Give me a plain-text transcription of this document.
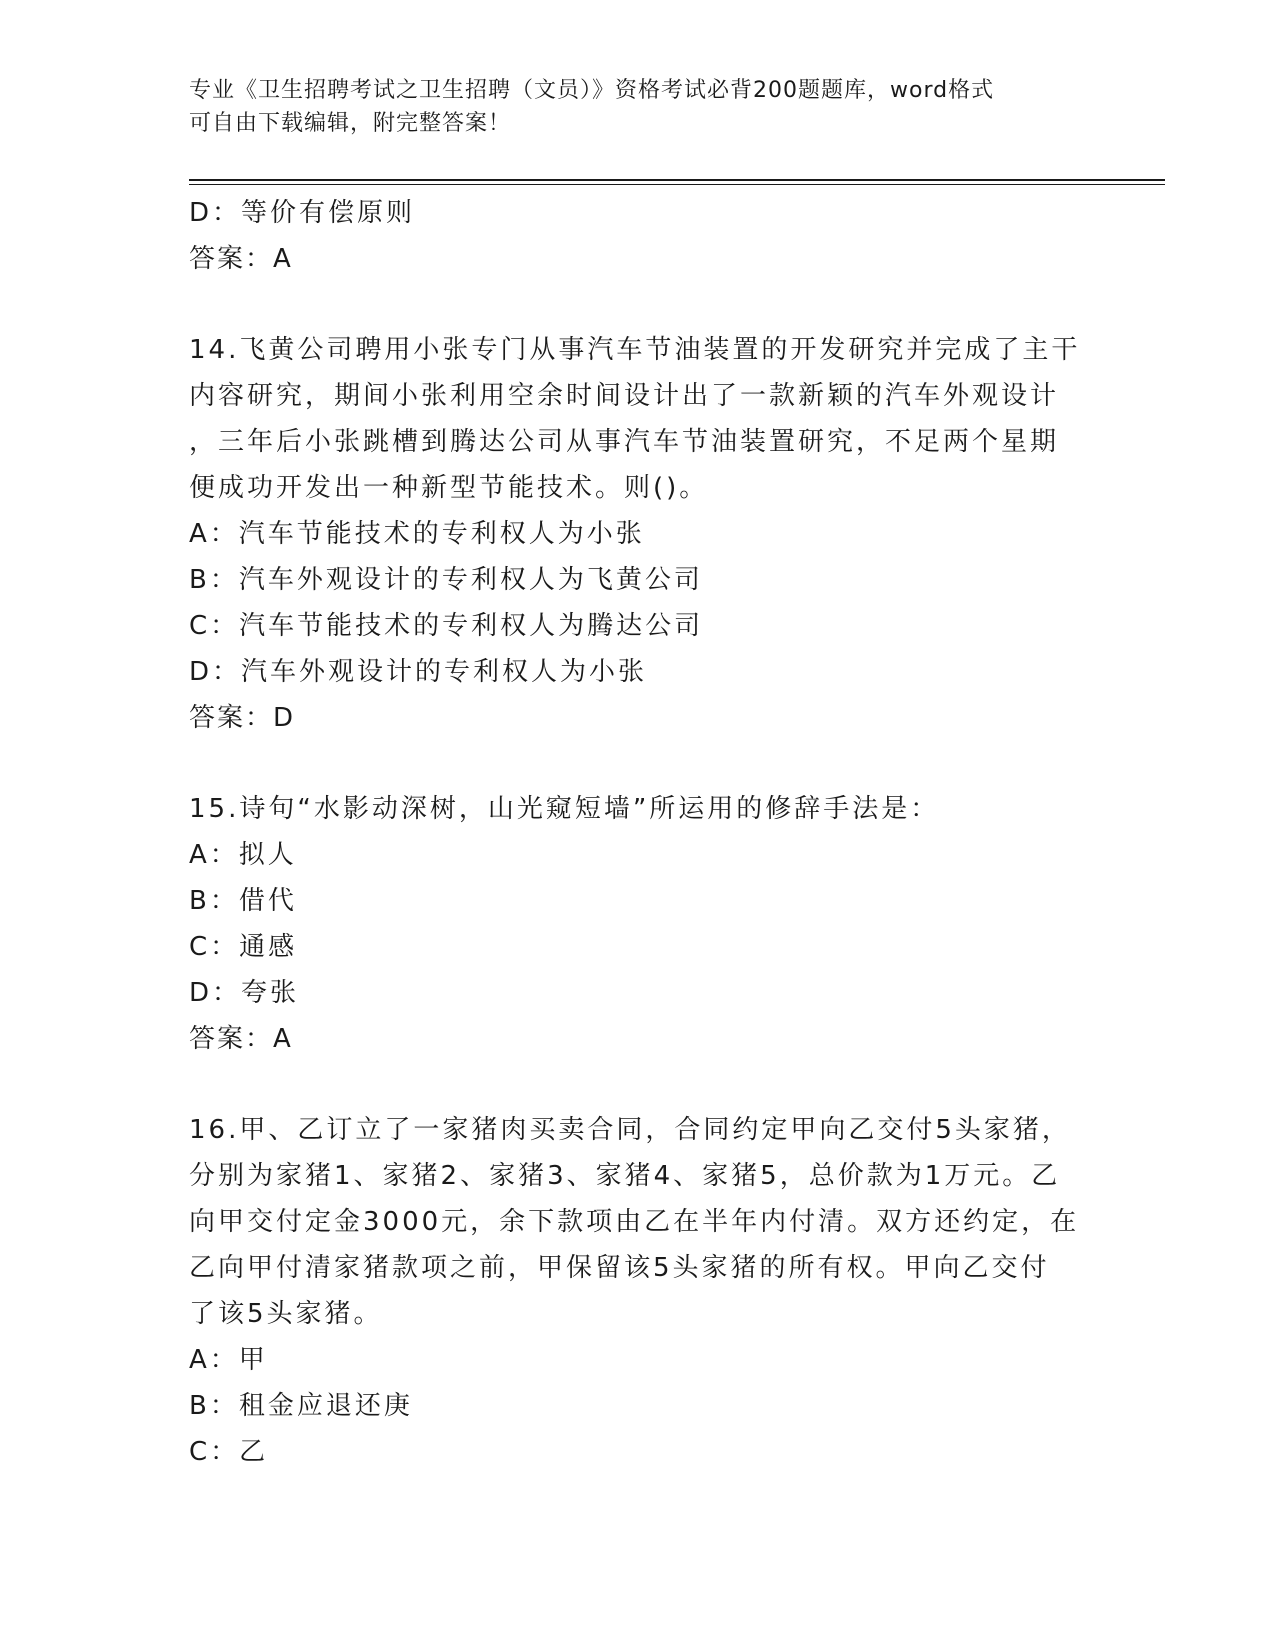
专业《卫生招聘考试之卫生招聘（文员）》资格考试必背200题题库，word格式
可自由下载编辑，附完整答案！
D：等价有偿原则
答案：A
14.飞黄公司聘用小张专门从事汽车节油装置的开发研究并完成了主干
内容研究，期间小张利用空余时间设计出了一款新颖的汽车外观设计
，三年后小张跳槽到腾达公司从事汽车节油装置研究，不足两个星期
便成功开发出一种新型节能技术。则()。
A：汽车节能技术的专利权人为小张
B：汽车外观设计的专利权人为飞黄公司
C：汽车节能技术的专利权人为腾达公司
D：汽车外观设计的专利权人为小张
答案：D
15.诗句“水影动深树，山光窥短墙”所运用的修辞手法是：
A：拟人
B：借代
C：通感
D：夸张
答案：A
16.甲、乙订立了一家猪肉买卖合同，合同约定甲向乙交付5头家猪，
分别为家猪1、家猪2、家猪3、家猪4、家猪5，总价款为1万元。乙
向甲交付定金3000元，余下款项由乙在半年内付清。双方还约定，在
乙向甲付清家猪款项之前，甲保留该5头家猪的所有权。甲向乙交付
了该5头家猪。
A：甲
B：租金应退还庚
C：乙
